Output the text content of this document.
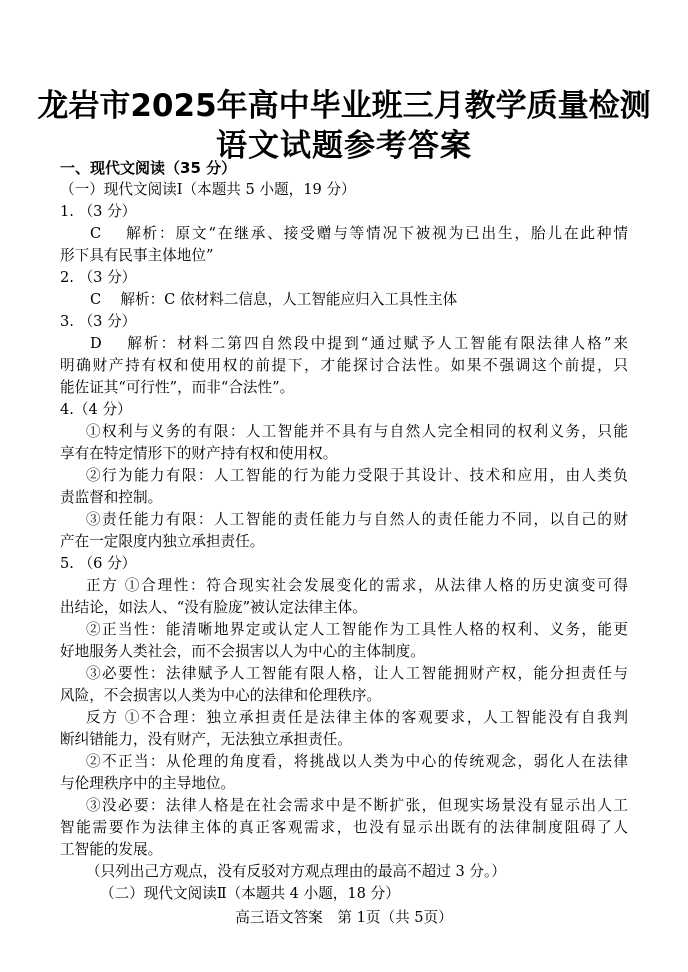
龙岩市2025年高中毕业班三月教学质量检测
语文试题参考答案
一、现代文阅读（35 分）
（一）现代文阅读Ⅰ（本题共 5 小题，19 分）
1. （3 分）
C　 解析：原文“在继承、接受赠与等情况下被视为已出生，胎儿在此种情
形下具有民事主体地位”
2. （3 分）
C　 解析：C 依材料二信息，人工智能应归入工具性主体
3. （3 分）
D　 解析：材料二第四自然段中提到“通过赋予人工智能有限法律人格”来
明确财产持有权和使用权的前提下，才能探讨合法性。如果不强调这个前提，只
能佐证其“可行性”，而非“合法性”。
4.（4 分）
①权利与义务的有限：人工智能并不具有与自然人完全相同的权利义务，只能
享有在特定情形下的财产持有权和使用权。
②行为能力有限：人工智能的行为能力受限于其设计、技术和应用，由人类负
责监督和控制。
③责任能力有限：人工智能的责任能力与自然人的责任能力不同，以自己的财
产在一定限度内独立承担责任。
5. （6 分）
正方 ①合理性：符合现实社会发展变化的需求，从法律人格的历史演变可得
出结论，如法人、“没有脸庞”被认定法律主体。
②正当性：能清晰地界定或认定人工智能作为工具性人格的权利、义务，能更
好地服务人类社会，而不会损害以人为中心的主体制度。
③必要性：法律赋予人工智能有限人格，让人工智能拥财产权，能分担责任与
风险，不会损害以人类为中心的法律和伦理秩序。
反方 ①不合理：独立承担责任是法律主体的客观要求，人工智能没有自我判
断纠错能力，没有财产，无法独立承担责任。
②不正当：从伦理的角度看，将挑战以人类为中心的传统观念，弱化人在法律
与伦理秩序中的主导地位。
③没必要：法律人格是在社会需求中是不断扩张，但现实场景没有显示出人工
智能需要作为法律主体的真正客观需求，也没有显示出既有的法律制度阻碍了人
工智能的发展。
（只列出己方观点，没有反驳对方观点理由的最高不超过 3 分。）
（二）现代文阅读Ⅱ（本题共 4 小题，18 分）
高三语文答案　第 1页（共 5页）
